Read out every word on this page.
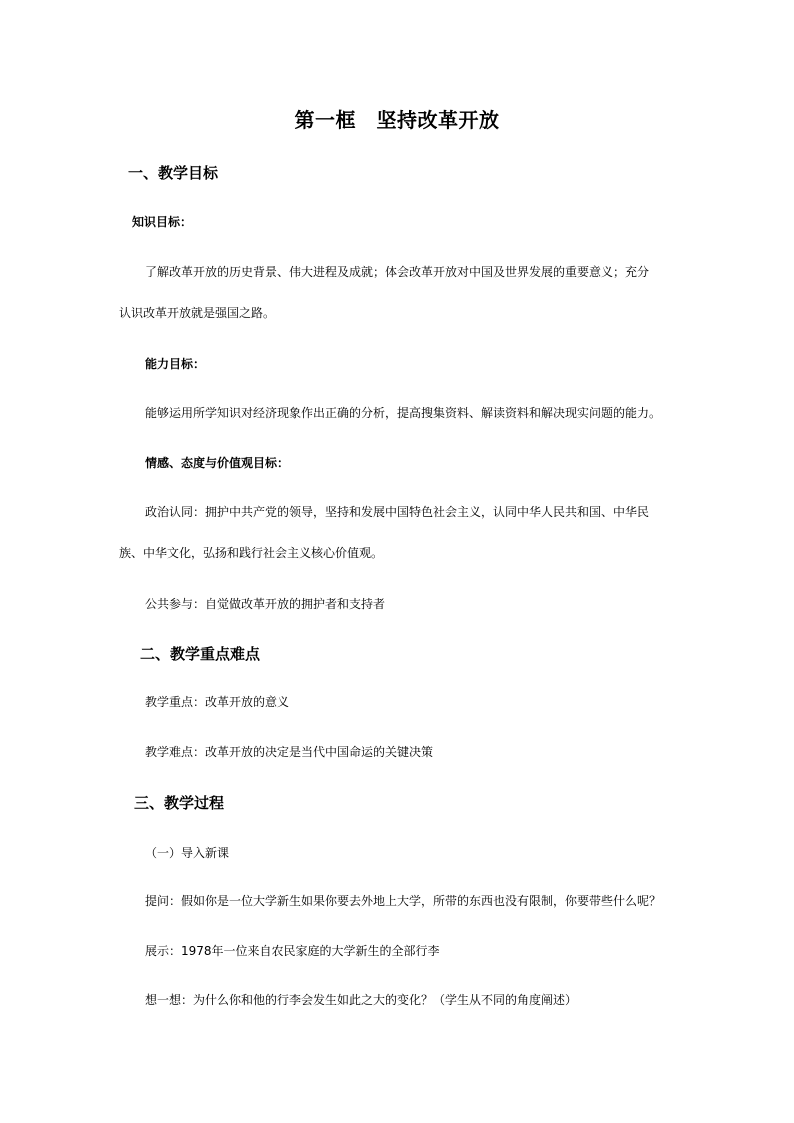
第一框　坚持改革开放
一、教学目标
知识目标：
了解改革开放的历史背景、伟大进程及成就；体会改革开放对中国及世界发展的重要意义；充分
认识改革开放就是强国之路。
能力目标：
能够运用所学知识对经济现象作出正确的分析，提高搜集资料、解读资料和解决现实问题的能力。
情感、态度与价值观目标：
政治认同：拥护中共产党的领导，坚持和发展中国特色社会主义，认同中华人民共和国、中华民
族、中华文化，弘扬和践行社会主义核心价值观。
公共参与：自觉做改革开放的拥护者和支持者
二、教学重点难点
教学重点：改革开放的意义
教学难点：改革开放的决定是当代中国命运的关键决策
三、教学过程
（一）导入新课
提问：假如你是一位大学新生如果你要去外地上大学，所带的东西也没有限制，你要带些什么呢？
展示：1978年一位来自农民家庭的大学新生的全部行李
想一想：为什么你和他的行李会发生如此之大的变化？（学生从不同的角度阐述）
